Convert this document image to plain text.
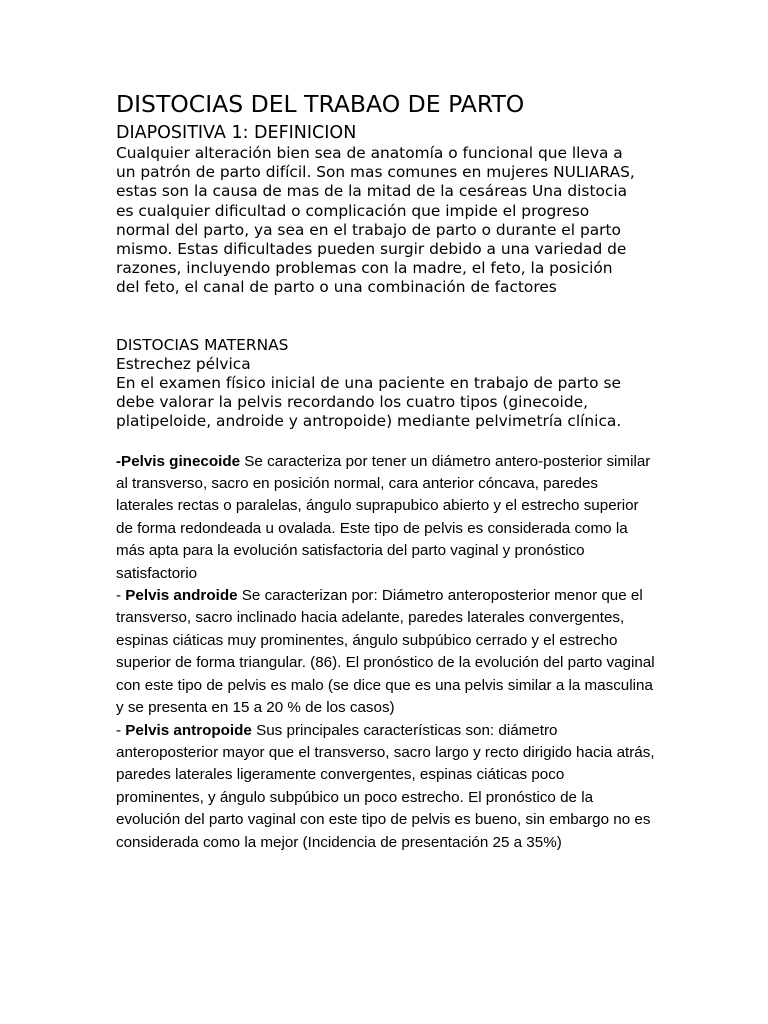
DISTOCIAS DEL TRABAO DE PARTO
DIAPOSITIVA 1: DEFINICION

Cualquier alteración bien sea de anatomía o funcional que lleva a un patrón de parto difícil. Son mas comunes en mujeres NULIARAS, estas son la causa de mas de la mitad de la cesáreas Una distocia es cualquier dificultad o complicación que impide el progreso normal del parto, ya sea en el trabajo de parto o durante el parto mismo. Estas dificultades pueden surgir debido a una variedad de razones, incluyendo problemas con la madre, el feto, la posición del feto, el canal de parto o una combinación de factores

DISTOCIAS MATERNAS

Estrechez pélvica

En el examen físico inicial de una paciente en trabajo de parto se debe valorar la pelvis recordando los cuatro tipos (ginecoide, platipeloide, androide y antropoide) mediante pelvimetría clínica.

-Pelvis ginecoide Se caracteriza por tener un diámetro antero-posterior similar al transverso, sacro en posición normal, cara anterior cóncava, paredes laterales rectas o paralelas, ángulo suprapubico abierto y el estrecho superior de forma redondeada u ovalada. Este tipo de pelvis es considerada como la más apta para la evolución satisfactoria del parto vaginal y pronóstico satisfactorio

- Pelvis androide Se caracterizan por: Diámetro anteroposterior menor que el transverso, sacro inclinado hacia adelante, paredes laterales convergentes, espinas ciáticas muy prominentes, ángulo subpúbico cerrado y el estrecho superior de forma triangular. (86). El pronóstico de la evolución del parto vaginal con este tipo de pelvis es malo (se dice que es una pelvis similar a la masculina y se presenta en 15 a 20 % de los casos)

- Pelvis antropoide Sus principales características son: diámetro anteroposterior mayor que el transverso, sacro largo y recto dirigido hacia atrás, paredes laterales ligeramente convergentes, espinas ciáticas poco prominentes, y ángulo subpúbico un poco estrecho. El pronóstico de la evolución del parto vaginal con este tipo de pelvis es bueno, sin embargo no es considerada como la mejor (Incidencia de presentación 25 a 35%)
